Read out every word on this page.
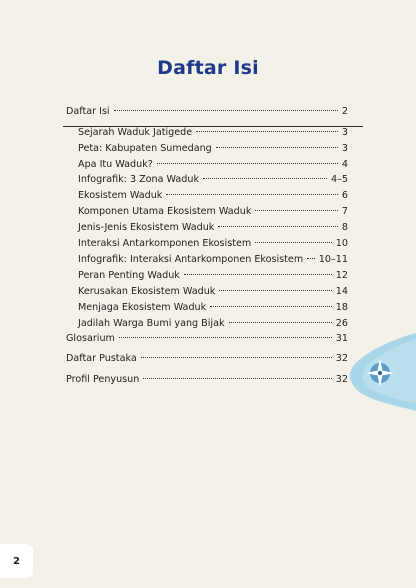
Daftar Isi
Daftar Isi	2
Sejarah Waduk Jatigede	3
Peta: Kabupaten Sumedang	3
Apa Itu Waduk?	4
Infografik: 3 Zona Waduk	4–5
Ekosistem Waduk	6
Komponen Utama Ekosistem Waduk	7
Jenis-Jenis Ekosistem Waduk	8
Interaksi Antarkomponen Ekosistem	10
Infografik: Interaksi Antarkomponen Ekosistem 10–11
Peran Penting Waduk	12
Kerusakan Ekosistem Waduk	14
Menjaga Ekosistem Waduk	18
Jadilah Warga Bumi yang Bijak	26
Glosarium	31
Daftar Pustaka	32
Profil Penyusun	32
2
